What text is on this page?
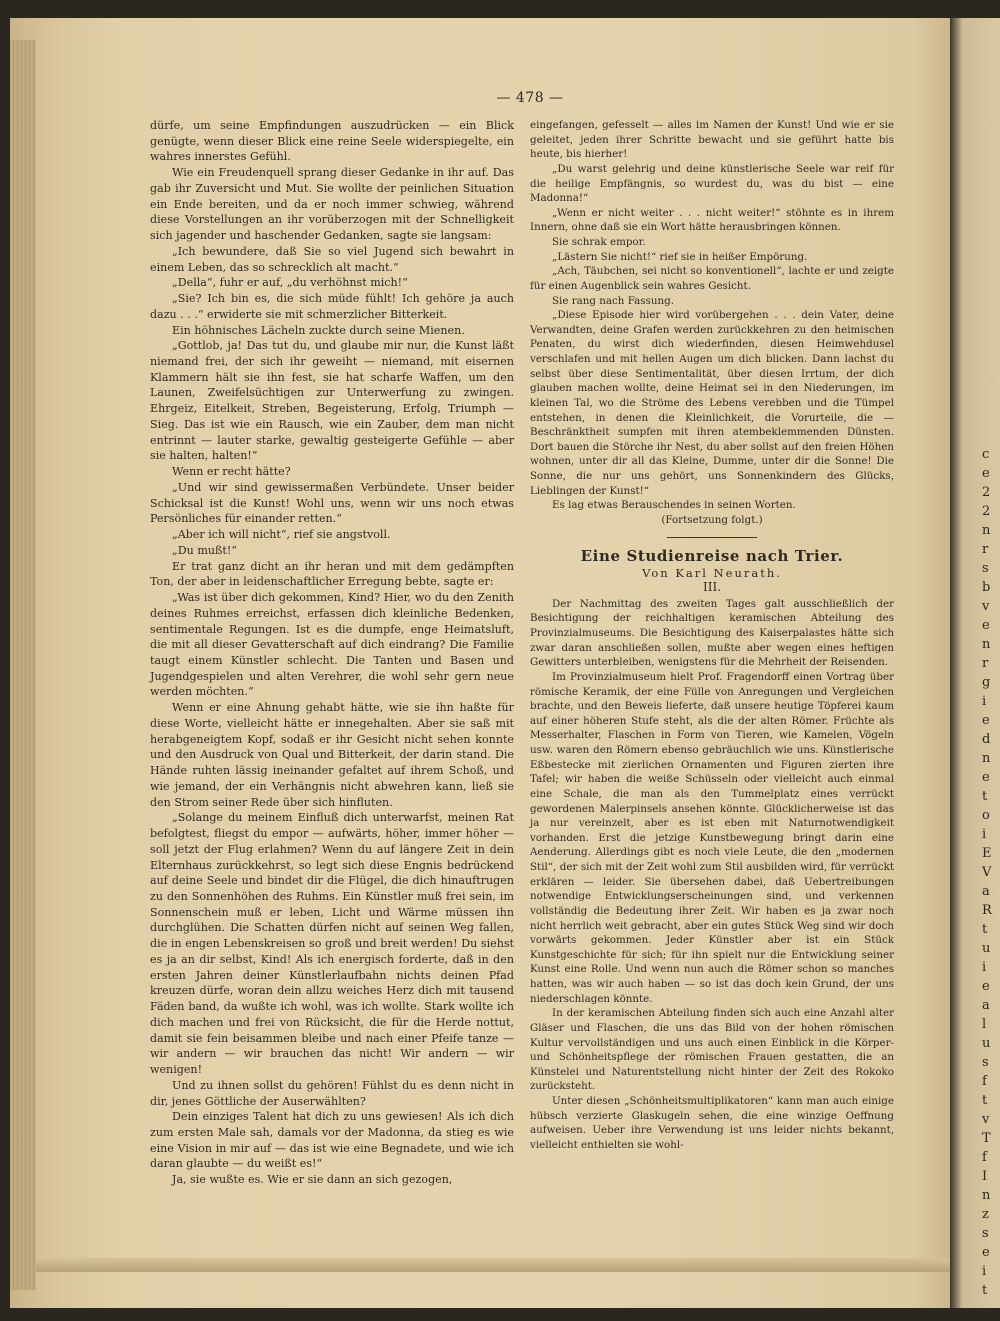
c
e
2
2
n
r
s
b
v
e
n
r
g
i
e
d
n
e
t
o
i
E
V
a
R
t
u
i
e
a
l
u
s
f
t
v
T
f
I
n
z
s
e
i
t
— 478 —

dürfe, um seine Empfindungen auszudrücken — ein Blick genügte, wenn dieser Blick eine reine Seele widerspiegelte, ein wahres innerstes Gefühl.

Wie ein Freudenquell sprang dieser Gedanke in ihr auf. Das gab ihr Zuversicht und Mut. Sie wollte der peinlichen Situation ein Ende bereiten, und da er noch immer schwieg, während diese Vorstellungen an ihr vorüberzogen mit der Schnelligkeit sich jagender und haschender Gedanken, sagte sie langsam:

„Ich bewundere, daß Sie so viel Jugend sich bewahrt in einem Leben, das so schrecklich alt macht.“

„Della“, fuhr er auf, „du verhöhnst mich!“

„Sie? Ich bin es, die sich müde fühlt! Ich gehöre ja auch dazu . . .“ erwiderte sie mit schmerzlicher Bitterkeit.

Ein höhnisches Lächeln zuckte durch seine Mienen.

„Gottlob, ja! Das tut du, und glaube mir nur, die Kunst läßt niemand frei, der sich ihr geweiht — niemand, mit eisernen Klammern hält sie ihn fest, sie hat scharfe Waffen, um den Launen, Zweifelsüchtigen zur Unterwerfung zu zwingen. Ehrgeiz, Eitelkeit, Streben, Begeisterung, Erfolg, Triumph — Sieg. Das ist wie ein Rausch, wie ein Zauber, dem man nicht entrinnt — lauter starke, gewaltig gesteigerte Gefühle — aber sie halten, halten!“

Wenn er recht hätte?

„Und wir sind gewissermaßen Verbündete. Unser beider Schicksal ist die Kunst! Wohl uns, wenn wir uns noch etwas Persönliches für einander retten.“

„Aber ich will nicht“, rief sie angstvoll.

„Du mußt!“

Er trat ganz dicht an ihr heran und mit dem gedämpften Ton, der aber in leidenschaftlicher Erregung bebte, sagte er:

„Was ist über dich gekommen, Kind? Hier, wo du den Zenith deines Ruhmes erreichst, erfassen dich kleinliche Bedenken, sentimentale Regungen. Ist es die dumpfe, enge Heimatsluft, die mit all dieser Gevatterschaft auf dich eindrang? Die Familie taugt einem Künstler schlecht. Die Tanten und Basen und Jugendgespielen und alten Verehrer, die wohl sehr gern neue werden möchten.“

Wenn er eine Ahnung gehabt hätte, wie sie ihn haßte für diese Worte, vielleicht hätte er innegehalten. Aber sie saß mit herabgeneigtem Kopf, sodaß er ihr Gesicht nicht sehen konnte und den Ausdruck von Qual und Bitterkeit, der darin stand. Die Hände ruhten lässig ineinander gefaltet auf ihrem Schoß, und wie jemand, der ein Verhängnis nicht abwehren kann, ließ sie den Strom seiner Rede über sich hinfluten.

„Solange du meinem Einfluß dich unterwarfst, meinen Rat befolgtest, fliegst du empor — aufwärts, höher, immer höher — soll jetzt der Flug erlahmen? Wenn du auf längere Zeit in dein Elternhaus zurückkehrst, so legt sich diese Engnis bedrückend auf deine Seele und bindet dir die Flügel, die dich hinauftrugen zu den Sonnenhöhen des Ruhms. Ein Künstler muß frei sein, im Sonnenschein muß er leben, Licht und Wärme müssen ihn durchglühen. Die Schatten dürfen nicht auf seinen Weg fallen, die in engen Lebenskreisen so groß und breit werden! Du siehst es ja an dir selbst, Kind! Als ich energisch forderte, daß in den ersten Jahren deiner Künstlerlaufbahn nichts deinen Pfad kreuzen dürfe, woran dein allzu weiches Herz dich mit tausend Fäden band, da wußte ich wohl, was ich wollte. Stark wollte ich dich machen und frei von Rücksicht, die für die Herde nottut, damit sie fein beisammen bleibe und nach einer Pfeife tanze — wir andern — wir brauchen das nicht! Wir andern — wir wenigen!

Und zu ihnen sollst du gehören! Fühlst du es denn nicht in dir, jenes Göttliche der Auserwählten?

Dein einziges Talent hat dich zu uns gewiesen! Als ich dich zum ersten Male sah, damals vor der Madonna, da stieg es wie eine Vision in mir auf — das ist wie eine Begnadete, und wie ich daran glaubte — du weißt es!“

Ja, sie wußte es. Wie er sie dann an sich gezogen,

eingefangen, gefesselt — alles im Namen der Kunst! Und wie er sie geleitet, jeden ihrer Schritte bewacht und sie geführt hatte bis heute, bis hierher!

„Du warst gelehrig und deine künstlerische Seele war reif für die heilige Empfängnis, so wurdest du, was du bist — eine Madonna!“

„Wenn er nicht weiter . . . nicht weiter!“ stöhnte es in ihrem Innern, ohne daß sie ein Wort hätte herausbringen können.

Sie schrak empor.

„Lästern Sie nicht!“ rief sie in heißer Empörung.

„Ach, Täubchen, sei nicht so konventionell“, lachte er und zeigte für einen Augenblick sein wahres Gesicht.

Sie rang nach Fassung.

„Diese Episode hier wird vorübergehen . . . dein Vater, deine Verwandten, deine Grafen werden zurückkehren zu den heimischen Penaten, du wirst dich wiederfinden, diesen Heimwehdusel verschlafen und mit hellen Augen um dich blicken. Dann lachst du selbst über diese Sentimentalität, über diesen Irrtum, der dich glauben machen wollte, deine Heimat sei in den Niederungen, im kleinen Tal, wo die Ströme des Lebens verebben und die Tümpel entstehen, in denen die Kleinlichkeit, die Vorurteile, die — Beschränktheit sumpfen mit ihren atembeklemmenden Dünsten. Dort bauen die Störche ihr Nest, du aber sollst auf den freien Höhen wohnen, unter dir all das Kleine, Dumme, unter dir die Sonne! Die Sonne, die nur uns gehört, uns Sonnenkindern des Glücks, Lieblingen der Kunst!“

Es lag etwas Berauschendes in seinen Worten.

(Fortsetzung folgt.)

Eine Studienreise nach Trier.

Von Karl Neurath.

III.

Der Nachmittag des zweiten Tages galt ausschließlich der Besichtigung der reichhaltigen keramischen Abteilung des Provinzialmuseums. Die Besichtigung des Kaiserpalastes hätte sich zwar daran anschließen sollen, mußte aber wegen eines heftigen Gewitters unterbleiben, wenigstens für die Mehrheit der Reisenden.

Im Provinzialmuseum hielt Prof. Fragendorff einen Vortrag über römische Keramik, der eine Fülle von Anregungen und Vergleichen brachte, und den Beweis lieferte, daß unsere heutige Töpferei kaum auf einer höheren Stufe steht, als die der alten Römer. Früchte als Messerhalter, Flaschen in Form von Tieren, wie Kamelen, Vögeln usw. waren den Römern ebenso gebräuchlich wie uns. Künstlerische Eßbestecke mit zierlichen Ornamenten und Figuren zierten ihre Tafel; wir haben die weiße Schüsseln oder vielleicht auch einmal eine Schale, die man als den Tummelplatz eines verrückt gewordenen Malerpinsels ansehen könnte. Glücklicherweise ist das ja nur vereinzelt, aber es ist eben mit Naturnotwendigkeit vorhanden. Erst die jetzige Kunstbewegung bringt darin eine Aenderung. Allerdings gibt es noch viele Leute, die den „modernen Stil“, der sich mit der Zeit wohl zum Stil ausbilden wird, für verrückt erklären — leider. Sie übersehen dabei, daß Uebertreibungen notwendige Entwicklungserscheinungen sind, und verkennen vollständig die Bedeutung ihrer Zeit. Wir haben es ja zwar noch nicht herrlich weit gebracht, aber ein gutes Stück Weg sind wir doch vorwärts gekommen. Jeder Künstler aber ist ein Stück Kunstgeschichte für sich; für ihn spielt nur die Entwicklung seiner Kunst eine Rolle. Und wenn nun auch die Römer schon so manches hatten, was wir auch haben — so ist das doch kein Grund, der uns niederschlagen könnte.

In der keramischen Abteilung finden sich auch eine Anzahl alter Gläser und Flaschen, die uns das Bild von der hohen römischen Kultur vervollständigen und uns auch einen Einblick in die Körper- und Schönheitspflege der römischen Frauen gestatten, die an Künstelei und Naturentstellung nicht hinter der Zeit des Rokoko zurücksteht.

Unter diesen „Schönheitsmultiplikatoren“ kann man auch einige hübsch verzierte Glaskugeln sehen, die eine winzige Oeffnung aufweisen. Ueber ihre Verwendung ist uns leider nichts bekannt, vielleicht enthielten sie wohl-
